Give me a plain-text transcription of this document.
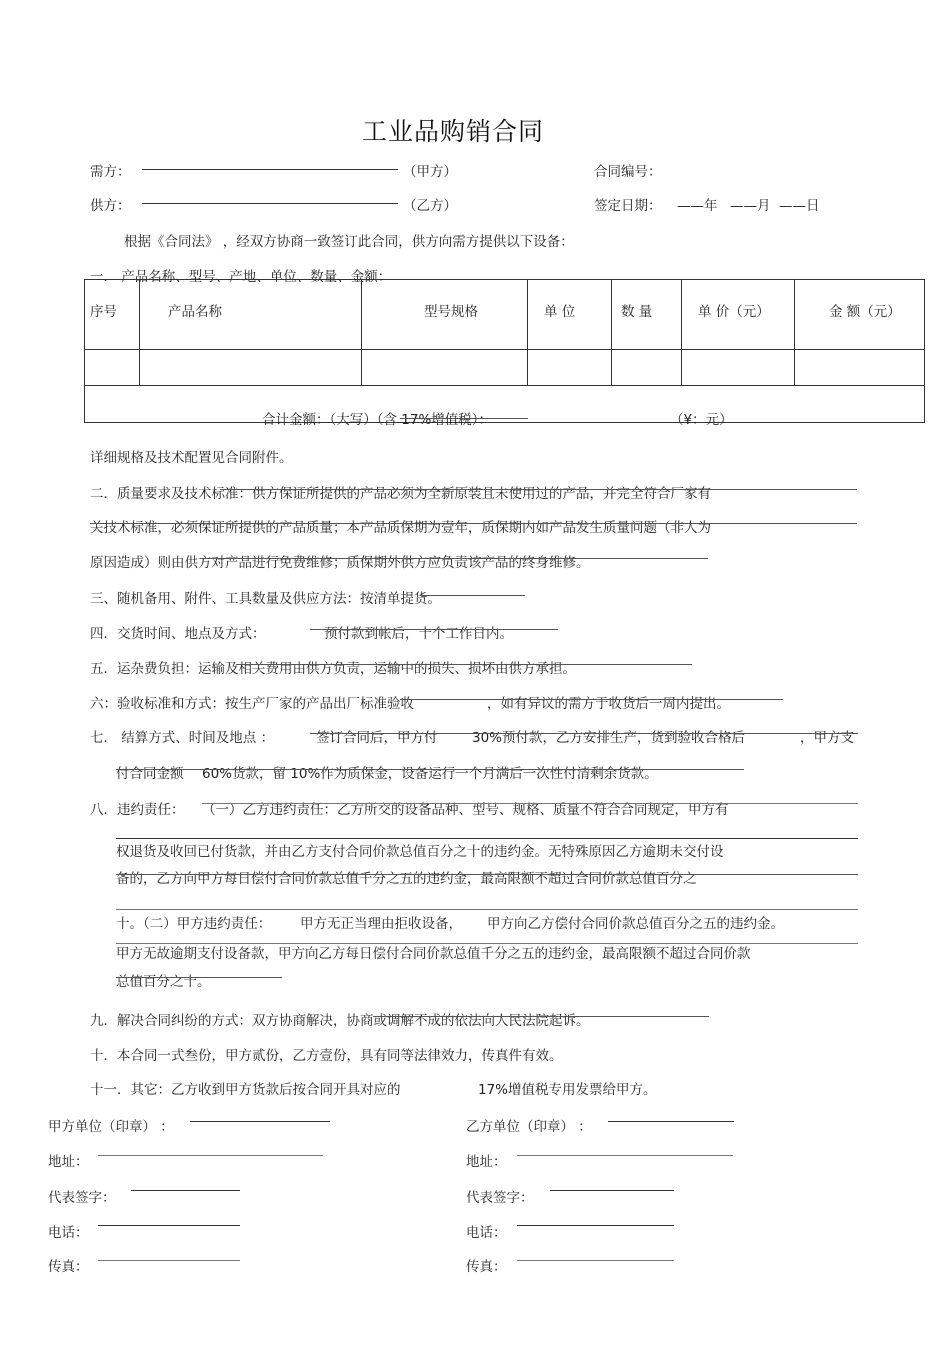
工业品购销合同
需方：	（甲方）	合同编号：
供方：	（乙方）	签定日期： ——年 ——月 ——日
根据《合同法》 ，经双方协商一致签订此合同，供方向需方提供以下设备：
一． 产品名称、型号、产地、单位、数量、金额：
序号	产品名称	型号规格	单 位	数 量	单 价（元）	金 额（元）

合计金额：（大写）（含 17%增值税）：	（¥：元）
详细规格及技术配置见合同附件。
二．质量要求及技术标准：供方保证所提供的产品必须为全新原装且未使用过的产品，并完全符合厂家有
关技术标准，必须保证所提供的产品质量；本产品质保期为壹年，质保期内如产品发生质量问题（非人为
原因造成）则由供方对产品进行免费维修；质保期外供方应负责该产品的终身维修。
三、随机备用、附件、工具数量及供应方法：按清单提货。
四．交货时间、地点及方式：	预付款到帐后，十个工作日内。
五．运杂费负担：运输及相关费用由供方负责，运输中的损失、损坏由供方承担。
六：验收标准和方式：按生产厂家的产品出厂标准验收	，如有异议的需方于收货后一周内提出。
七． 结算方式、时间及地点 ：	签订合同后，甲方付	30%预付款，乙方安排生产，货到验收合格后	，甲方支
付合同金额 60%货款，留 10%作为质保金，设备运行一个月满后一次性付清剩余货款。
八．违约责任： （一）乙方违约责任：乙方所交的设备品种、型号、规格、质量不符合合同规定，甲方有
权退货及收回已付货款，并由乙方支付合同价款总值百分之十的违约金。无特殊原因乙方逾期未交付设
备的，乙方向甲方每日偿付合同价款总值千分之五的违约金，最高限额不超过合同价款总值百分之
十。（二）甲方违约责任： 甲方无正当理由拒收设备， 甲方向乙方偿付合同价款总值百分之五的违约金。
甲方无故逾期支付设备款，甲方向乙方每日偿付合同价款总值千分之五的违约金，最高限额不超过合同价款
总值百分之十。
九．解决合同纠纷的方式：双方协商解决，协商或调解不成的依法向人民法院起诉。
十．本合同一式叁份，甲方贰份，乙方壹份，具有同等法律效力，传真件有效。
十一．其它：乙方收到甲方货款后按合同开具对应的	17%增值税专用发票给甲方。
甲方单位（印章） ：
地址：
代表签字：
电话：
传真：
乙方单位（印章） ：
地址：
代表签字：
电话：
传真：
